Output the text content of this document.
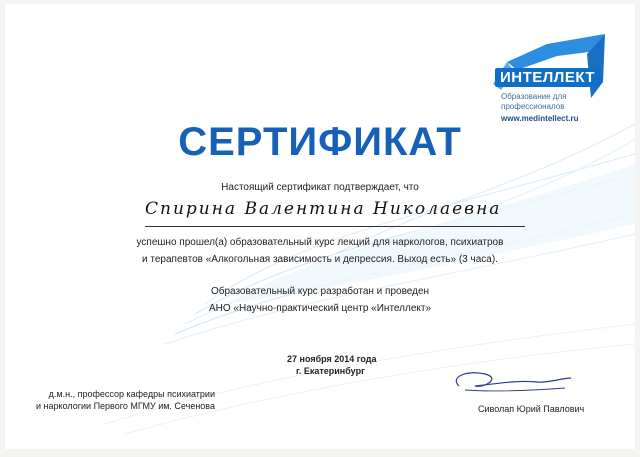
ИНТЕЛЛЕКТ
Образование для профессионалов
www.medintellect.ru
СЕРТИФИКАТ
Настоящий сертификат подтверждает, что
Спирина Валентина Николаевна
успешно прошел(а) образовательный курс лекций для наркологов, психиатров
и терапевтов «Алкогольная зависимость и депрессия. Выход есть» (3 часа).
Образовательный курс разработан и проведен
АНО «Научно-практический центр «Интеллект»
27 ноября 2014 года
г. Екатеринбург
д.м.н., профессор кафедры психиатрии
и наркологии Первого МГМУ им. Сеченова	Сиволап Юрий Павлович
